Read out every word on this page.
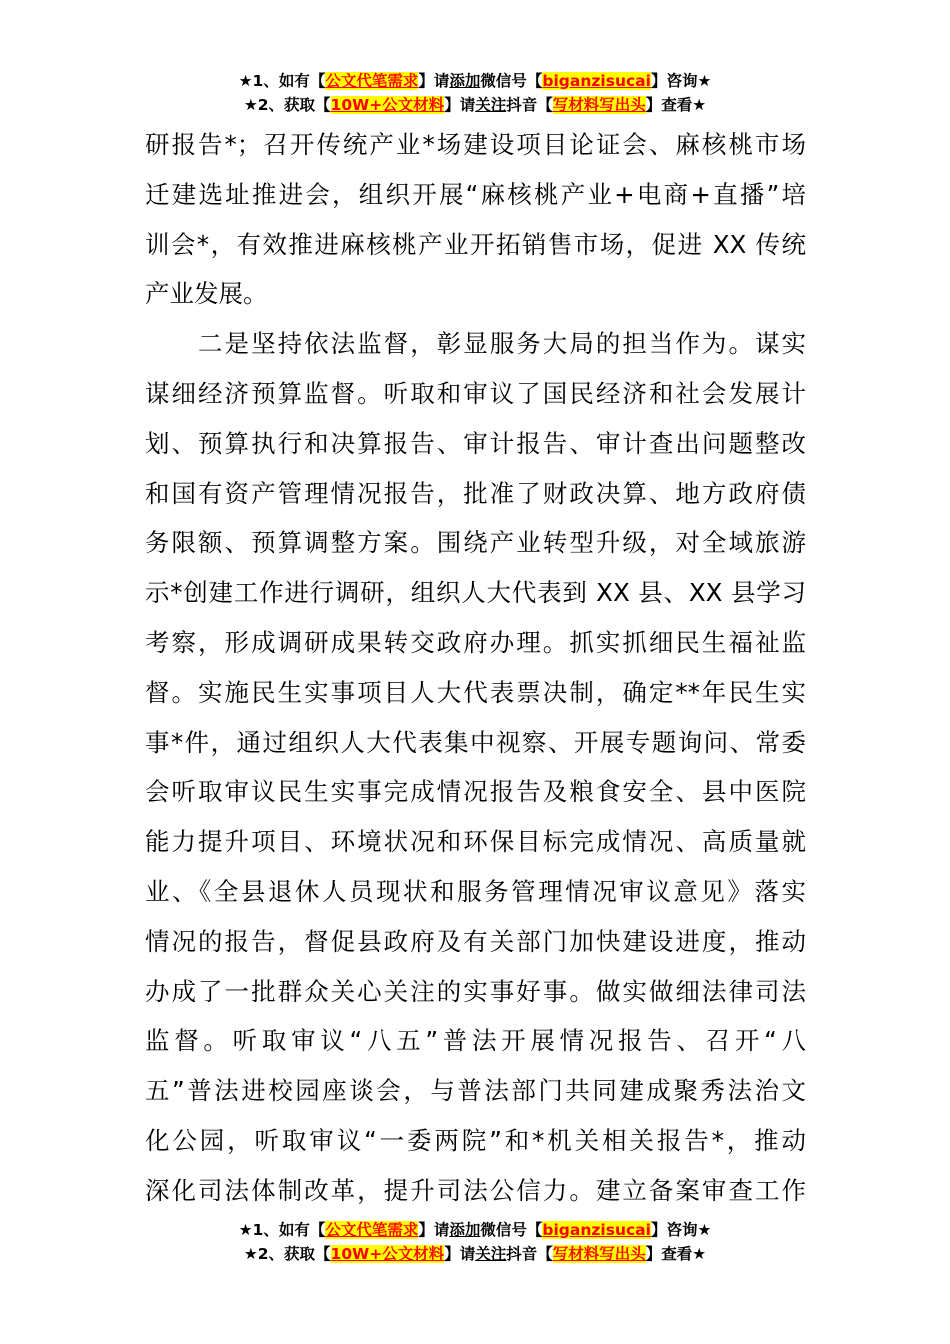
★1、如有【公文代笔需求】请添加微信号【biganzisucai】咨询★
★2、获取【10W+公文材料】请关注抖音【写材料写出头】查看★
研报告*；召开传统产业*场建设项目论证会、麻核桃市场
迁建选址推进会，组织开展“麻核桃产业+电商+直播”培
训会*，有效推进麻核桃产业开拓销售市场，促进 XX 传统
产业发展。
　　二是坚持依法监督，彰显服务大局的担当作为。谋实
谋细经济预算监督。听取和审议了国民经济和社会发展计
划、预算执行和决算报告、审计报告、审计查出问题整改
和国有资产管理情况报告，批准了财政决算、地方政府债
务限额、预算调整方案。围绕产业转型升级，对全域旅游
示*创建工作进行调研，组织人大代表到 XX 县、XX 县学习
考察，形成调研成果转交政府办理。抓实抓细民生福祉监
督。实施民生实事项目人大代表票决制，确定**年民生实
事*件，通过组织人大代表集中视察、开展专题询问、常委
会听取审议民生实事完成情况报告及粮食安全、县中医院
能力提升项目、环境状况和环保目标完成情况、高质量就
业、《全县退休人员现状和服务管理情况审议意见》落实
情况的报告，督促县政府及有关部门加快建设进度，推动
办成了一批群众关心关注的实事好事。做实做细法律司法
监督。听取审议“八五”普法开展情况报告、召开“八
五”普法进校园座谈会，与普法部门共同建成聚秀法治文
化公园，听取审议“一委两院”和*机关相关报告*，推动
深化司法体制改革，提升司法公信力。建立备案审查工作
★1、如有【公文代笔需求】请添加微信号【biganzisucai】咨询★
★2、获取【10W+公文材料】请关注抖音【写材料写出头】查看★
